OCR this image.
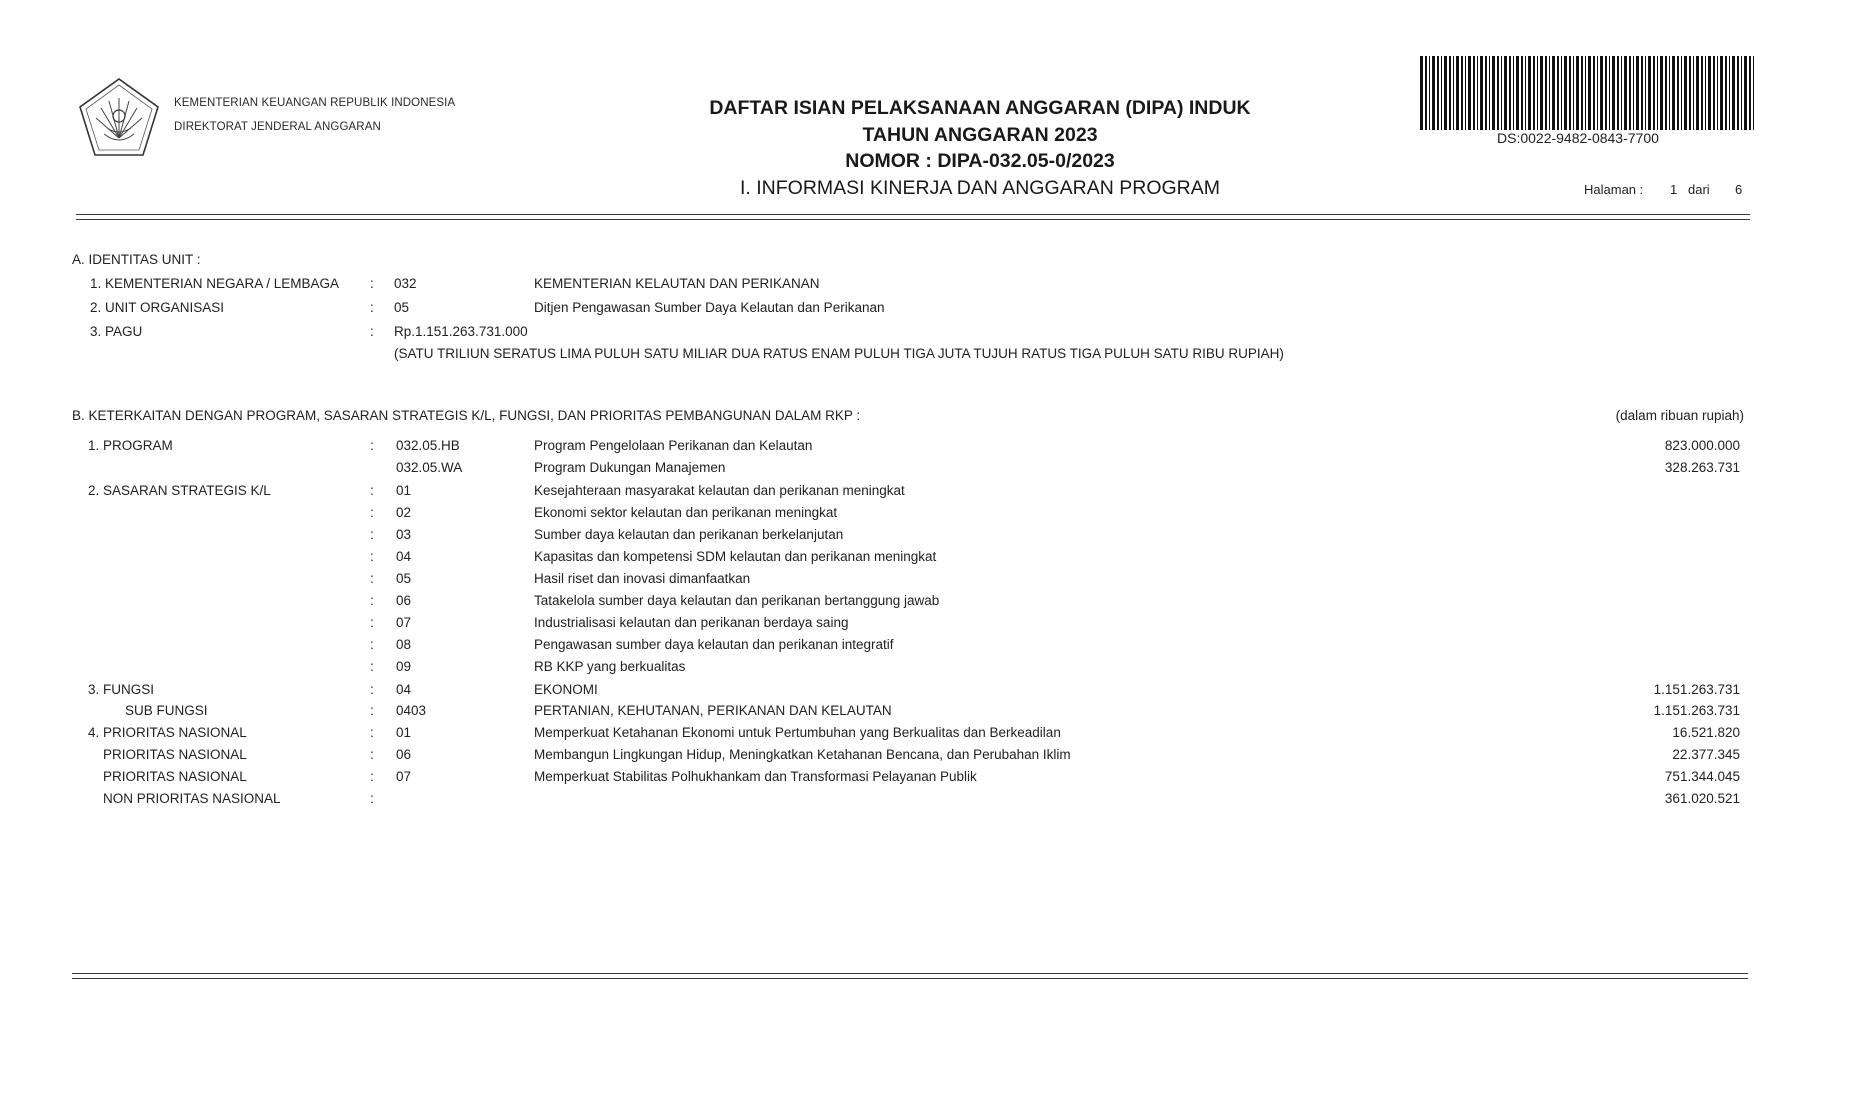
KEMENTERIAN KEUANGAN REPUBLIK INDONESIA
DIREKTORAT JENDERAL ANGGARAN
DAFTAR ISIAN PELAKSANAAN ANGGARAN (DIPA) INDUK
TAHUN ANGGARAN 2023
NOMOR : DIPA-032.05-0/2023
I. INFORMASI KINERJA DAN ANGGARAN PROGRAM
DS:0022-9482-0843-7700
Halaman : 1 dari 6
A. IDENTITAS UNIT :
1. KEMENTERIAN NEGARA / LEMBAGA : 032	KEMENTERIAN KELAUTAN DAN PERIKANAN
2. UNIT ORGANISASI	: 05	Ditjen Pengawasan Sumber Daya Kelautan dan Perikanan
3. PAGU	: Rp.1.151.263.731.000
(SATU TRILIUN SERATUS LIMA PULUH SATU MILIAR DUA RATUS ENAM PULUH TIGA JUTA TUJUH RATUS TIGA PULUH SATU RIBU RUPIAH)
B. KETERKAITAN DENGAN PROGRAM, SASARAN STRATEGIS K/L, FUNGSI, DAN PRIORITAS PEMBANGUNAN DALAM RKP :	(dalam ribuan rupiah)
1. PROGRAM	: 032.05.HB	Program Pengelolaan Perikanan dan Kelautan	823.000.000
032.05.WA	Program Dukungan Manajemen	328.263.731
2. SASARAN STRATEGIS K/L	: 01	Kesejahteraan masyarakat kelautan dan perikanan meningkat
: 02	Ekonomi sektor kelautan dan perikanan meningkat
: 03	Sumber daya kelautan dan perikanan berkelanjutan
: 04	Kapasitas dan kompetensi SDM kelautan dan perikanan meningkat
: 05	Hasil riset dan inovasi dimanfaatkan
: 06	Tatakelola sumber daya kelautan dan perikanan bertanggung jawab
: 07	Industrialisasi kelautan dan perikanan berdaya saing
: 08	Pengawasan sumber daya kelautan dan perikanan integratif
: 09	RB KKP yang berkualitas
3. FUNGSI	: 04	EKONOMI	1.151.263.731
SUB FUNGSI	: 0403	PERTANIAN, KEHUTANAN, PERIKANAN DAN KELAUTAN	1.151.263.731
4. PRIORITAS NASIONAL	: 01	Memperkuat Ketahanan Ekonomi untuk Pertumbuhan yang Berkualitas dan Berkeadilan	16.521.820
PRIORITAS NASIONAL	: 06	Membangun Lingkungan Hidup, Meningkatkan Ketahanan Bencana, dan Perubahan Iklim	22.377.345
PRIORITAS NASIONAL	: 07	Memperkuat Stabilitas Polhukhankam dan Transformasi Pelayanan Publik	751.344.045
NON PRIORITAS NASIONAL	:	361.020.521
